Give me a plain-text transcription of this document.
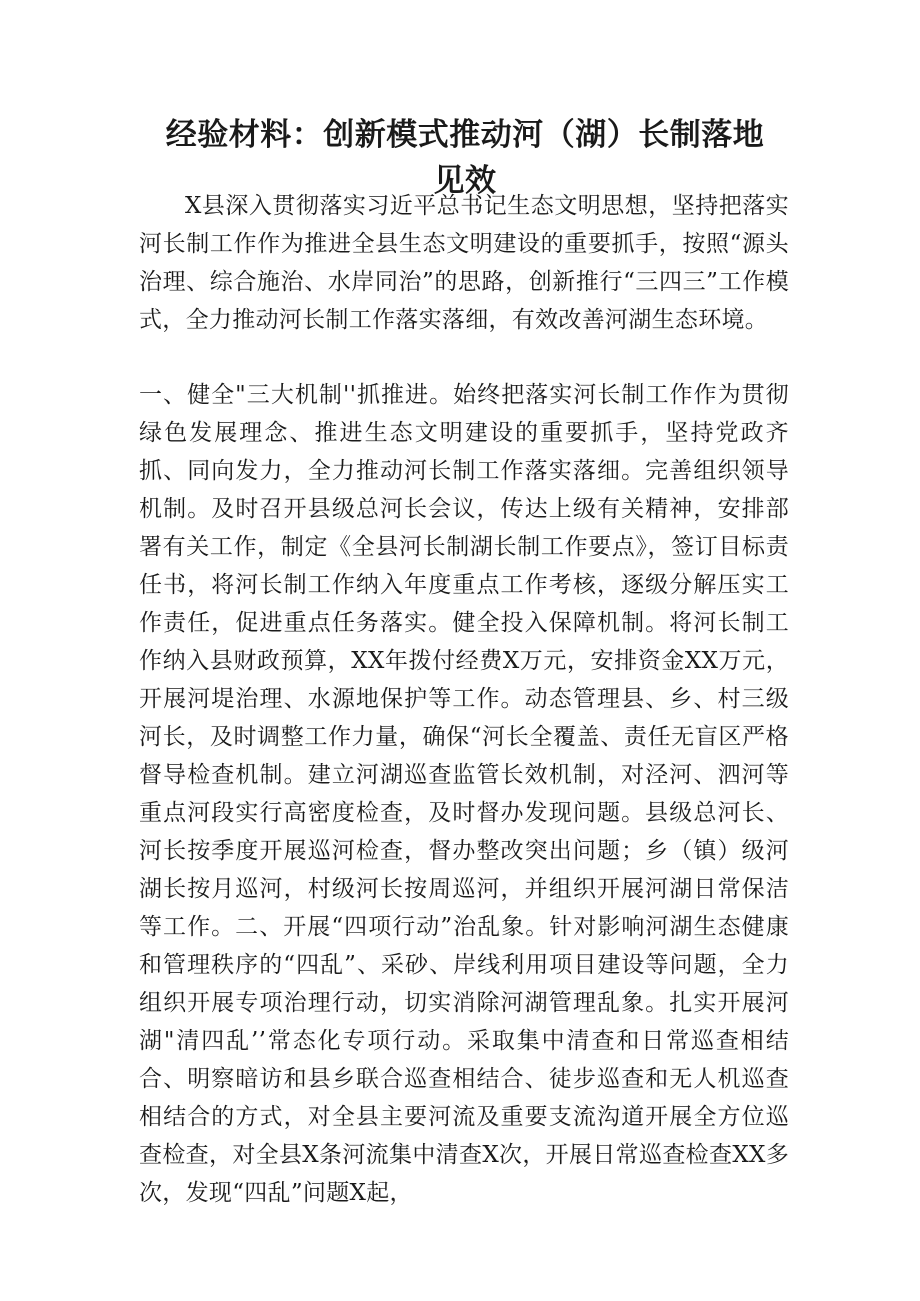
经验材料：创新模式推动河（湖）长制落地
见效

X县深入贯彻落实习近平总书记生态文明思想，坚持把落实河长制工作作为推进全县生态文明建设的重要抓手，按照“源头治理、综合施治、水岸同治”的思路，创新推行“三四三”工作模式，全力推动河长制工作落实落细，有效改善河湖生态环境。

一、健全"三大机制''抓推进。始终把落实河长制工作作为贯彻绿色发展理念、推进生态文明建设的重要抓手，坚持党政齐抓、同向发力，全力推动河长制工作落实落细。完善组织领导机制。及时召开县级总河长会议，传达上级有关精神，安排部署有关工作，制定《全县河长制湖长制工作要点》，签订目标责任书，将河长制工作纳入年度重点工作考核，逐级分解压实工作责任，促进重点任务落实。健全投入保障机制。将河长制工作纳入县财政预算，XX年拨付经费X万元，安排资金XX万元，开展河堤治理、水源地保护等工作。动态管理县、乡、村三级河长，及时调整工作力量，确保“河长全覆盖、责任无盲区严格督导检查机制。建立河湖巡查监管长效机制，对泾河、泗河等重点河段实行高密度检查，及时督办发现问题。县级总河长、河长按季度开展巡河检查，督办整改突出问题；乡（镇）级河湖长按月巡河，村级河长按周巡河，并组织开展河湖日常保洁等工作。二、开展“四项行动”治乱象。针对影响河湖生态健康和管理秩序的“四乱”、采砂、岸线利用项目建设等问题，全力组织开展专项治理行动，切实消除河湖管理乱象。扎实开展河湖"清四乱’’常态化专项行动。采取集中清查和日常巡查相结合、明察暗访和县乡联合巡查相结合、徒步巡查和无人机巡查相结合的方式，对全县主要河流及重要支流沟道开展全方位巡查检查，对全县X条河流集中清查X次，开展日常巡查检查XX多次，发现“四乱”问题X起，
